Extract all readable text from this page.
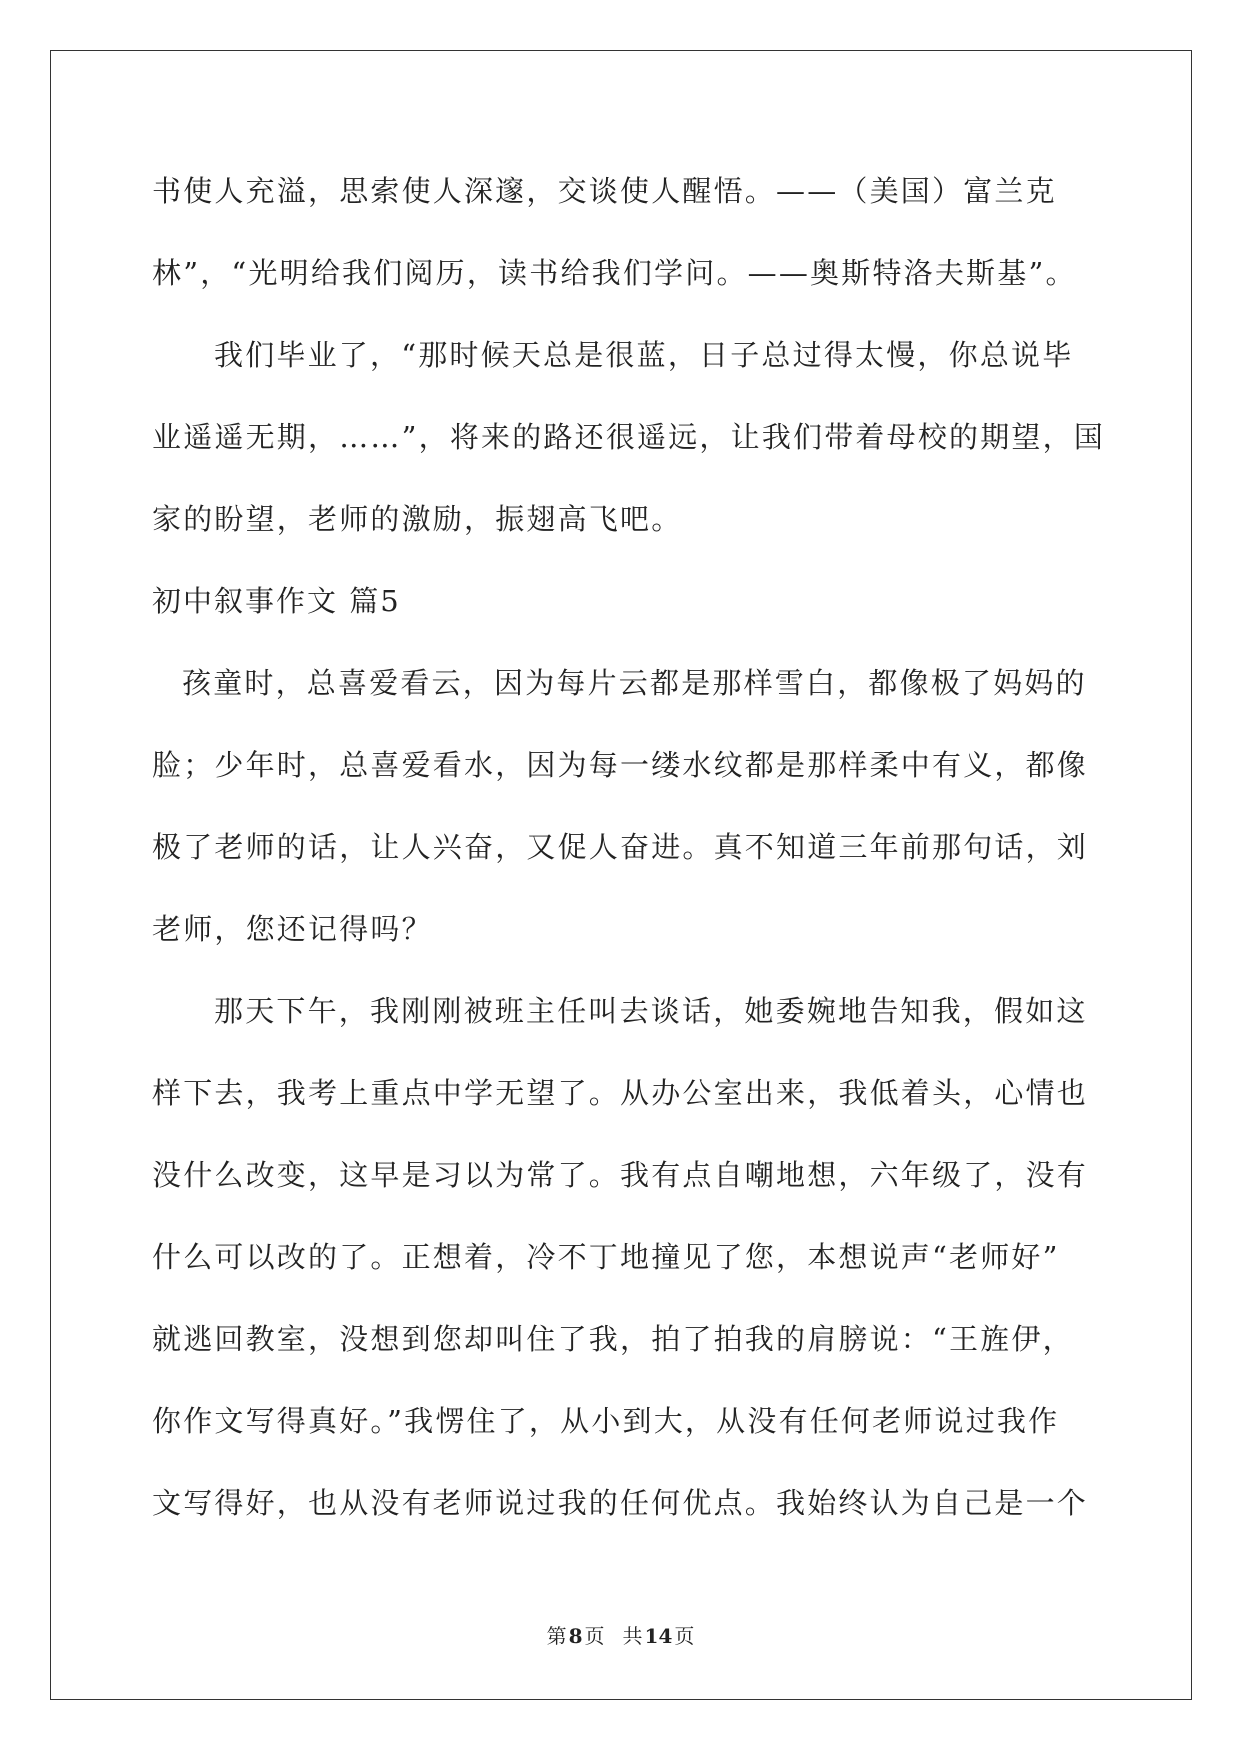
书使人充溢，思索使人深邃，交谈使人醒悟。——（美国）富兰克
林”，“光明给我们阅历，读书给我们学问。——奥斯特洛夫斯基”。
我们毕业了，“那时候天总是很蓝，日子总过得太慢，你总说毕
业遥遥无期，……”，将来的路还很遥远，让我们带着母校的期望，国
家的盼望，老师的激励，振翅高飞吧。
初中叙事作文 篇5
孩童时，总喜爱看云，因为每片云都是那样雪白，都像极了妈妈的
脸；少年时，总喜爱看水，因为每一缕水纹都是那样柔中有义，都像
极了老师的话，让人兴奋，又促人奋进。真不知道三年前那句话，刘
老师，您还记得吗？
那天下午，我刚刚被班主任叫去谈话，她委婉地告知我，假如这
样下去，我考上重点中学无望了。从办公室出来，我低着头，心情也
没什么改变，这早是习以为常了。我有点自嘲地想，六年级了，没有
什么可以改的了。正想着，冷不丁地撞见了您，本想说声“老师好”
就逃回教室，没想到您却叫住了我，拍了拍我的肩膀说：“王旌伊，
你作文写得真好。”我愣住了，从小到大，从没有任何老师说过我作
文写得好，也从没有老师说过我的任何优点。我始终认为自己是一个
第 8 页 共 14 页
